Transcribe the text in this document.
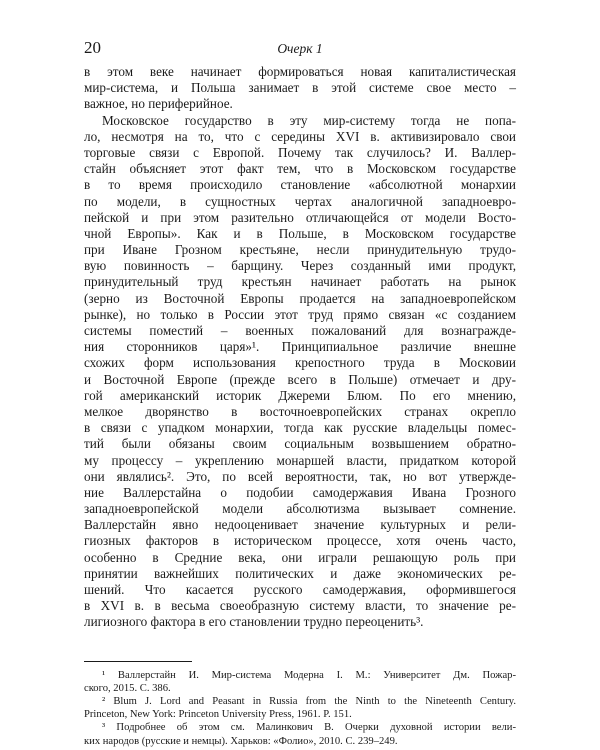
20	Очерк 1
в этом веке начинает формироваться новая капиталистическая
мир-система, и Польша занимает в этой системе свое место –
важное, но периферийное.
Московское государство в эту мир-систему тогда не попа-
ло, несмотря на то, что с середины XVI в. активизировало свои
торговые связи с Европой. Почему так случилось? И. Валлер-
стайн объясняет этот факт тем, что в Московском государстве
в то время происходило становление «абсолютной монархии
по модели, в сущностных чертах аналогичной западноевро-
пейской и при этом разительно отличающейся от модели Восто-
чной Европы». Как и в Польше, в Московском государстве
при Иване Грозном крестьяне, несли принудительную трудо-
вую повинность – барщину. Через созданный ими продукт,
принудительный труд крестьян начинает работать на рынок
(зерно из Восточной Европы продается на западноевропейском
рынке), но только в России этот труд прямо связан «с созданием
системы поместий – военных пожалований для вознагражде-
ния сторонников царя»¹. Принципиальное различие внешне
схожих форм использования крепостного труда в Московии
и Восточной Европе (прежде всего в Польше) отмечает и дру-
гой американский историк Джереми Блюм. По его мнению,
мелкое дворянство в восточноевропейских странах окрепло
в связи с упадком монархии, тогда как русские владельцы помес-
тий были обязаны своим социальным возвышением обратно-
му процессу – укреплению монаршей власти, придатком которой
они являлись². Это, по всей вероятности, так, но вот утвержде-
ние Валлерстайна о подобии самодержавия Ивана Грозного
западноевропейской модели абсолютизма вызывает сомнение.
Валлерстайн явно недооценивает значение культурных и рели-
гиозных факторов в историческом процессе, хотя очень часто,
особенно в Средние века, они играли решающую роль при
принятии важнейших политических и даже экономических ре-
шений. Что касается русского самодержавия, оформившегося
в XVI в. в весьма своеобразную систему власти, то значение ре-
лигиозного фактора в его становлении трудно переоценить³.
¹ Валлерстайн И. Мир-система Модерна I. М.: Университет Дм. Пожар-
ского, 2015. С. 386.
² Blum J. Lord and Peasant in Russia from the Ninth to the Nineteenth Century.
Princeton, New York: Princeton University Press, 1961. P. 151.
³ Подробнее об этом см. Малинкович В. Очерки духовной истории вели-
ких народов (русские и немцы). Харьков: «Фолио», 2010. С. 239–249.
